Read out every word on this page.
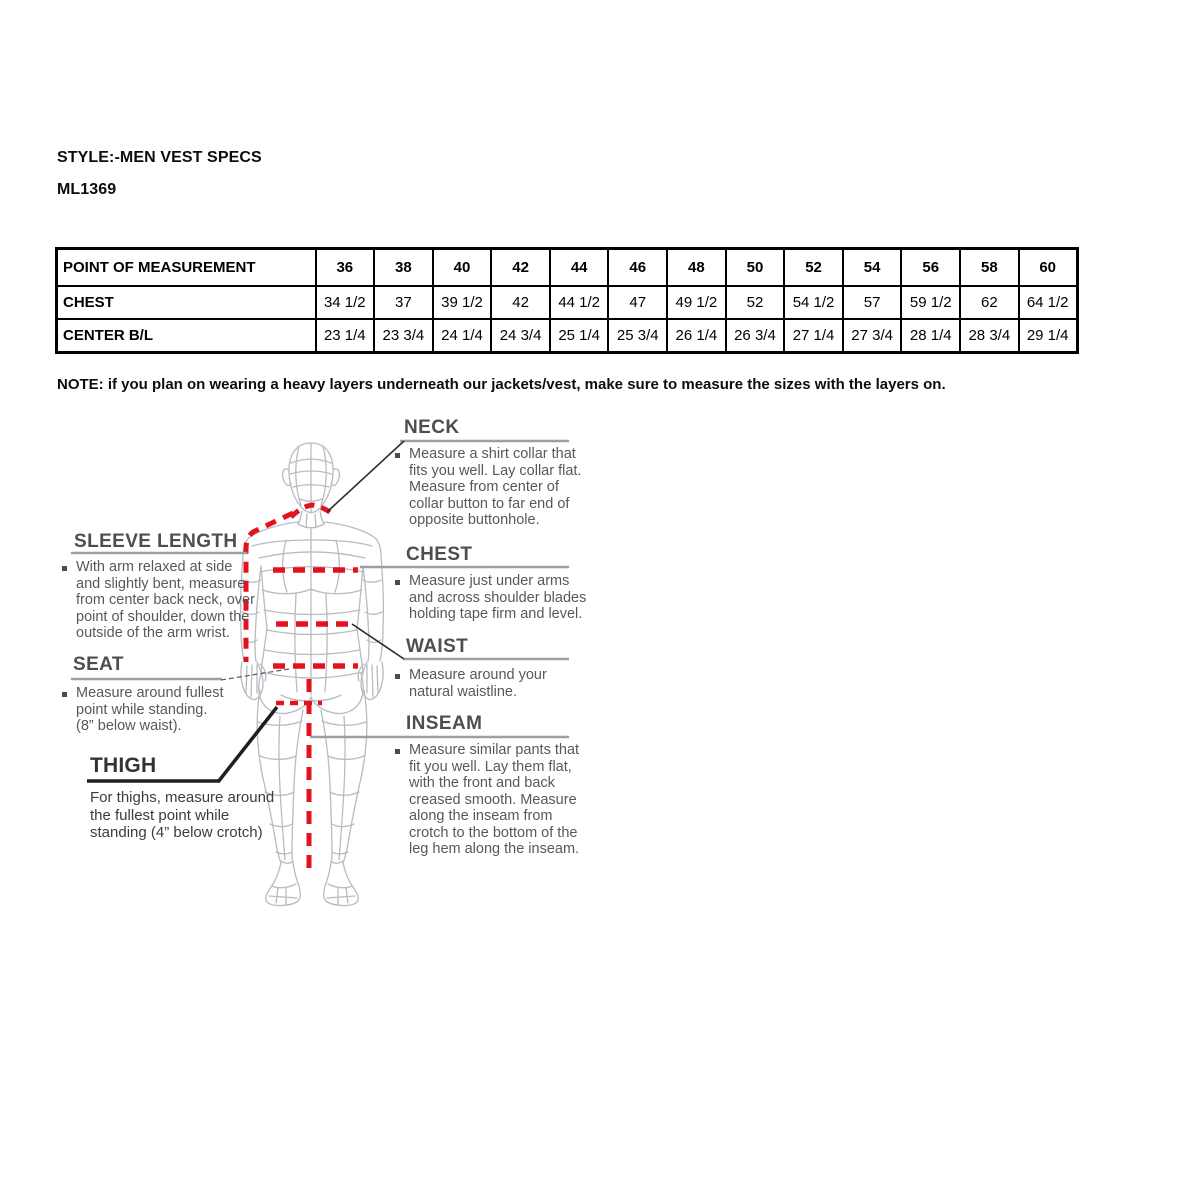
STYLE:-MEN VEST SPECS
ML1369
POINT OF MEASUREMENT	36	38	40	42	44	46	48	50	52	54	56	58	60
CHEST	34 1/2	37	39 1/2	42	44 1/2	47	49 1/2	52	54 1/2	57	59 1/2	62	64 1/2
CENTER B/L	23 1/4	23 3/4	24 1/4	24 3/4	25 1/4	25 3/4	26 1/4	26 3/4	27 1/4	27 3/4	28 1/4	28 3/4	29 1/4
NOTE: if you plan on wearing a heavy layers underneath our jackets/vest, make sure to measure the sizes with the layers on.
SLEEVE LENGTH
With arm relaxed at side
and slightly bent, measure
from center back neck, over
point of shoulder, down the
outside of the arm wrist.
SEAT
Measure around fullest
point while standing.
(8” below waist).
THIGH
For thighs, measure around
the fullest point while
standing (4” below crotch)
NECK
Measure a shirt collar that
fits you well. Lay collar flat.
Measure from center of
collar button to far end of
opposite buttonhole.
CHEST
Measure just under arms
and across shoulder blades
holding tape firm and level.
WAIST
Measure around your
natural waistline.
INSEAM
Measure similar pants that
fit you well. Lay them flat,
with the front and back
creased smooth. Measure
along the inseam from
crotch to the bottom of the
leg hem along the inseam.
